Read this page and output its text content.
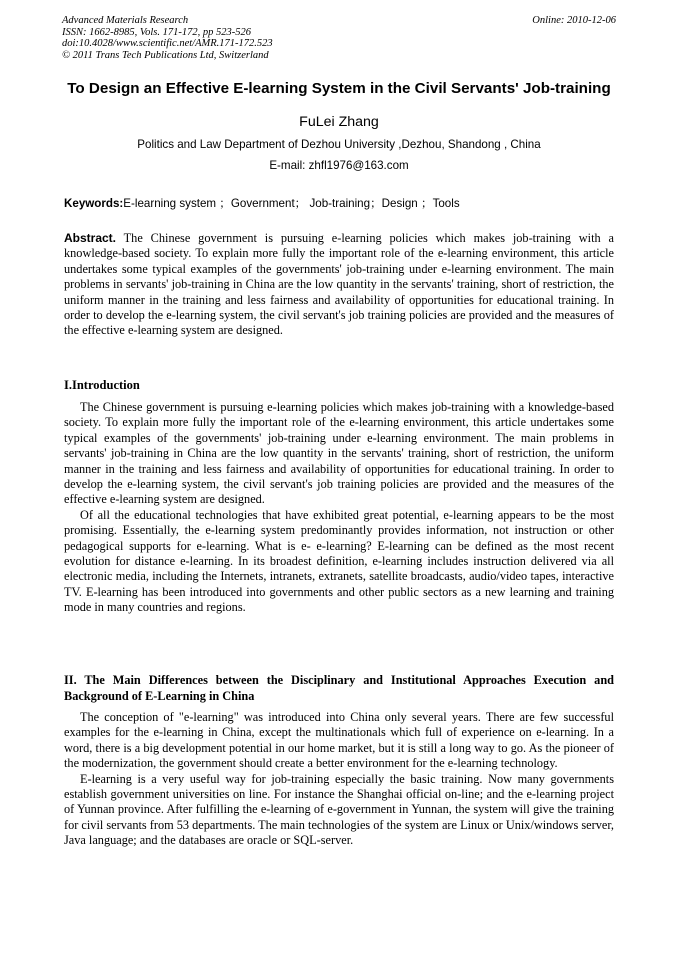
Advanced Materials Research
ISSN: 1662-8985, Vols. 171-172, pp 523-526
doi:10.4028/www.scientific.net/AMR.171-172.523
© 2011 Trans Tech Publications Ltd, Switzerland
Online: 2010-12-06
To Design an Effective E-learning System in the Civil Servants' Job-training
FuLei Zhang
Politics and Law Department of Dezhou University ,Dezhou, Shandong , China
E-mail: zhfl1976@163.com
Keywords:E-learning system ；Government； Job-training；Design ；Tools

Abstract. The Chinese government is pursuing e-learning policies which makes job-training with a knowledge-based society. To explain more fully the important role of the e-learning environment, this article undertakes some typical examples of the governments' job-training under e-learning environment. The main problems in servants' job-training in China are the low quantity in the servants' training, short of restriction, the uniform manner in the training and less fairness and availability of opportunities for educational training. In order to develop the e-learning system, the civil servant's job training policies are provided and the measures of the effective e-learning system are designed.

I.Introduction

The Chinese government is pursuing e-learning policies which makes job-training with a knowledge-based society. To explain more fully the important role of the e-learning environment, this article undertakes some typical examples of the governments' job-training under e-learning environment. The main problems in servants' job-training in China are the low quantity in the servants' training, short of restriction, the uniform manner in the training and less fairness and availability of opportunities for educational training. In order to develop the e-learning system, the civil servant's job training policies are provided and the measures of the effective e-learning system are designed.

Of all the educational technologies that have exhibited great potential, e-learning appears to be the most promising. Essentially, the e-learning system predominantly provides information, not instruction or other pedagogical supports for e-learning. What is e- e-learning? E-learning can be defined as the most recent evolution for distance e-learning. In its broadest definition, e-learning includes instruction delivered via all electronic media, including the Internets, intranets, extranets, satellite broadcasts, audio/video tapes, interactive TV. E-learning has been introduced into governments and other public sectors as a new learning and training mode in many countries and regions.

II. The Main Differences between the Disciplinary and Institutional Approaches Execution and Background of E-Learning in China

The conception of "e-learning" was introduced into China only several years. There are few successful examples for the e-learning in China, except the multinationals which full of experience on e-learning. In a word, there is a big development potential in our home market, but it is still a long way to go. As the pioneer of the modernization, the government should create a better environment for the e-learning technology.

E-learning is a very useful way for job-training especially the basic training. Now many governments establish government universities on line. For instance the Shanghai official on-line; and the e-learning project of Yunnan province. After fulfilling the e-learning of e-government in Yunnan, the system will give the training for civil servants from 53 departments. The main technologies of the system are Linux or Unix/windows server, Java language; and the databases are oracle or SQL-server.
